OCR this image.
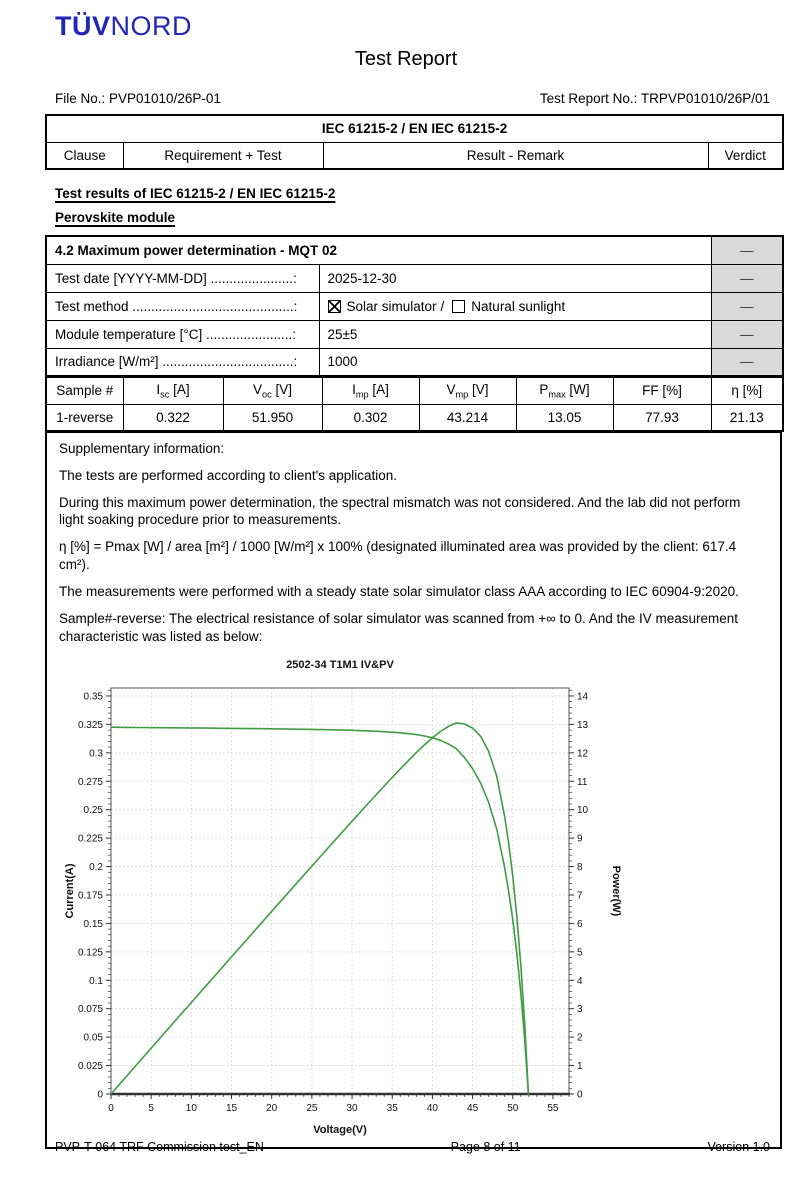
TÜVNORD
Test Report
File No.: PVP01010/26P-01	Test Report No.: TRPVP01010/26P/01
IEC 61215-2 / EN IEC 61215-2
Clause	Requirement + Test	Result - Remark	Verdict
Test results of IEC 61215-2 / EN IEC 61215-2
Perovskite module
4.2 Maximum power determination - MQT 02		—
Test date [YYYY-MM-DD] ......................:	2025-12-30	—
Test method ...........................................:	Solar simulator / Natural sunlight	—
Module temperature [°C] .......................:	25±5	—
Irradiance [W/m²] ...................................:	1000	—
Sample #	$I_{sc}$ [A]	$V_{oc}$ [V]	$I_{mp}$ [A]	$V_{mp}$ [V]	$P_{max}$ [W]	FF [%]	η [%]
1-reverse	0.322	51.950	0.302	43.214	13.05	77.93	21.13

Supplementary information:

The tests are performed according to client's application.

During this maximum power determination, the spectral mismatch was not considered. And the lab did not perform light soaking procedure prior to measurements.

η [%] = Pmax [W] / area [m²] / 1000 [W/m²] x 100% (designated illuminated area was provided by the client: 617.4 cm²).

The measurements were performed with a steady state solar simulator class AAA according to IEC 60904-9:2020.

Sample#-reverse: The electrical resistance of solar simulator was scanned from +∞ to 0. And the IV measurement characteristic was listed as below:

0	5	10	15	20	25	30	35	40	45	50	55
0
0.025
0.05
0.075
0.1
0.125
0.15
0.175
0.2
0.225
0.25
0.275
0.3
0.325
0.35
0
1
2
3
4
5
6
7
8
9
10
11
12
13
14
2502-34 T1M1 IV&PV
Voltage(V)
Current(A)	Power(W)
PVP-T-064 TRF Commission test_EN	Page 8 of 11	Version 1.0
